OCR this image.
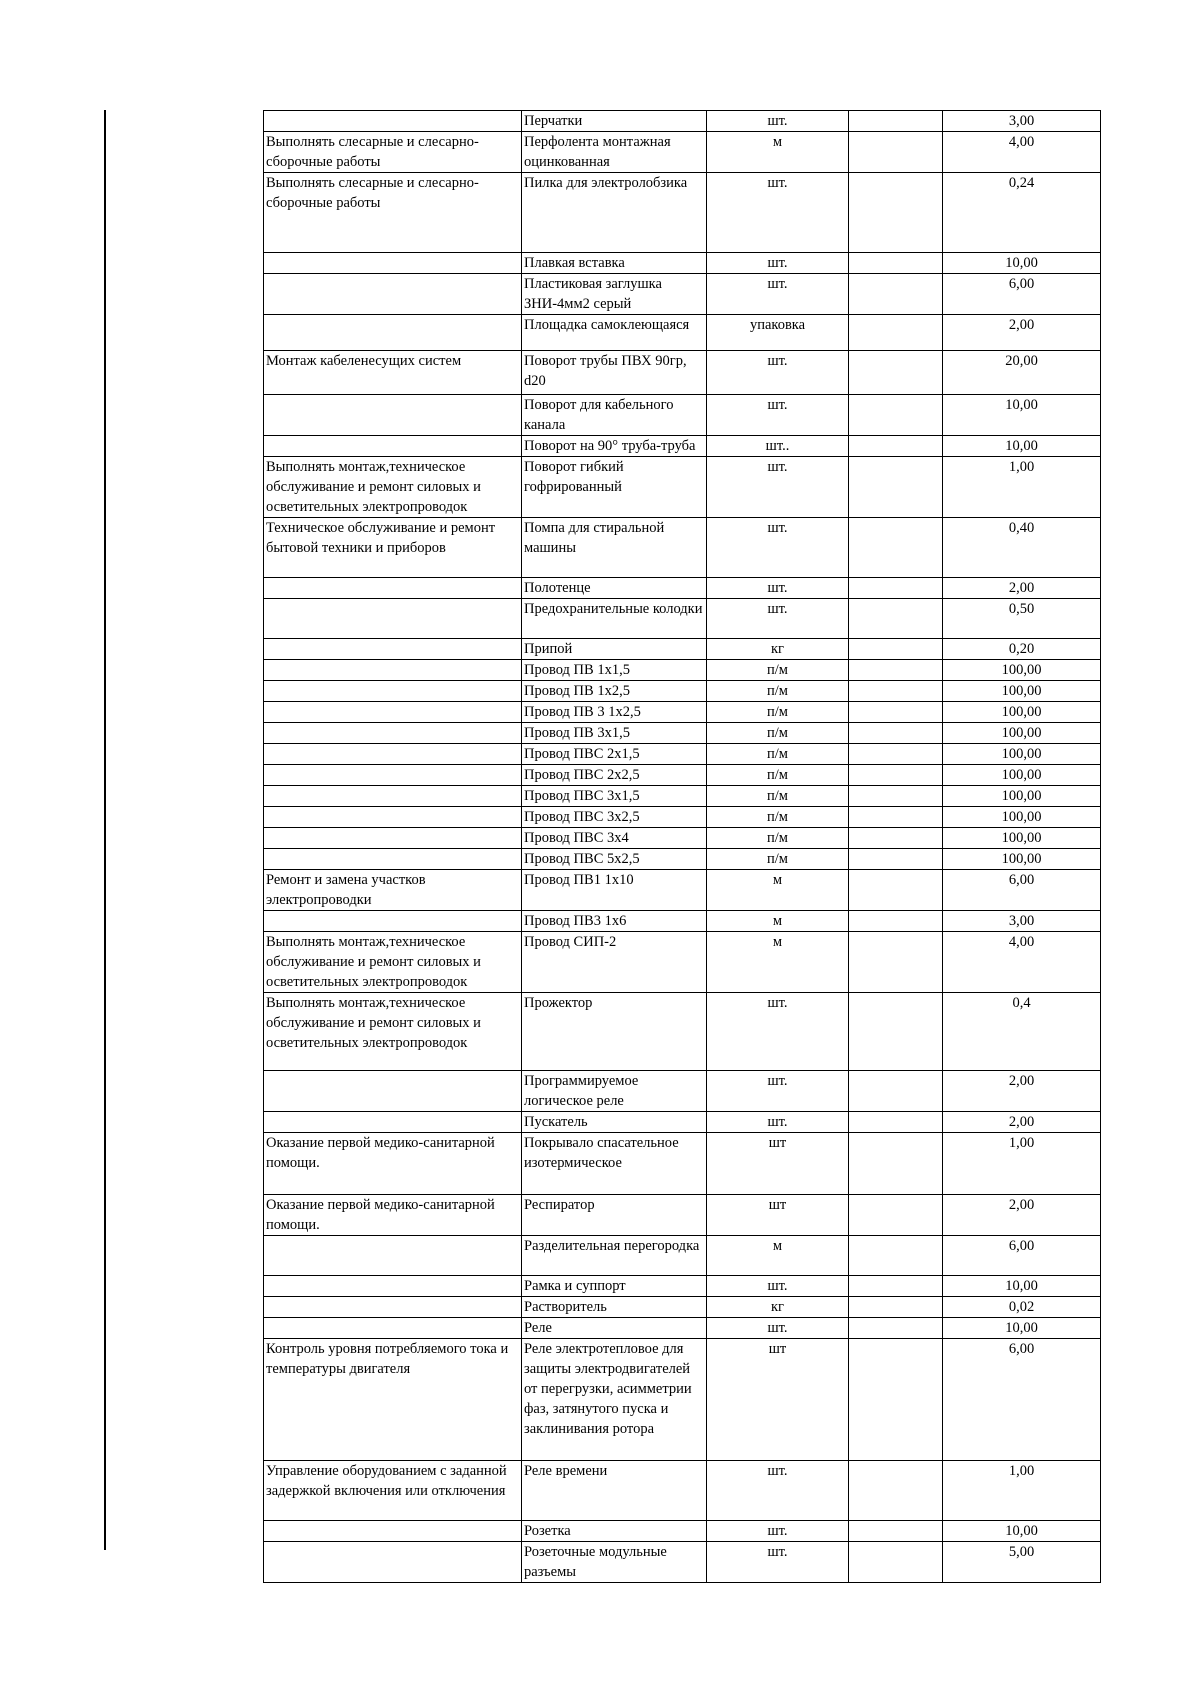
	Перчатки	шт.		3,00
Выполнять слесарные и слесарно-сборочные работы	Перфолента монтажная оцинкованная	м		4,00
Выполнять слесарные и слесарно-сборочные работы	Пилка для электролобзика	шт.		0,24
	Плавкая вставка	шт.		10,00
	Пластиковая заглушка ЗНИ-4мм2 серый	шт.		6,00
	Площадка самоклеющаяся	упаковка		2,00
Монтаж кабеленесущих систем	Поворот трубы ПВХ 90гр, d20	шт.		20,00
	Поворот для кабельного канала	шт.		10,00
	Поворот на 90° труба-труба	шт..		10,00
Выполнять монтаж,техническое обслуживание и ремонт силовых и осветительных электропроводок	Поворот гибкий гофрированный	шт.		1,00
Техническое обслуживание и ремонт бытовой техники и приборов	Помпа для стиральной машины	шт.		0,40
	Полотенце	шт.		2,00
	Предохранительные колодки	шт.		0,50
	Припой	кг		0,20
	Провод ПВ 1х1,5	п/м		100,00
	Провод ПВ 1х2,5	п/м		100,00
	Провод ПВ 3 1х2,5	п/м		100,00
	Провод ПВ 3х1,5	п/м		100,00
	Провод ПВС 2х1,5	п/м		100,00
	Провод ПВС 2х2,5	п/м		100,00
	Провод ПВС 3х1,5	п/м		100,00
	Провод ПВС 3х2,5	п/м		100,00
	Провод ПВС 3х4	п/м		100,00
	Провод ПВС 5х2,5	п/м		100,00
Ремонт и замена участков электропроводки	Провод ПВ1 1х10	м		6,00
	Провод ПВ3 1х6	м		3,00
Выполнять монтаж,техническое обслуживание и ремонт силовых и осветительных электропроводок	Провод СИП-2	м		4,00
Выполнять монтаж,техническое обслуживание и ремонт силовых и осветительных электропроводок	Прожектор	шт.		0,4
	Программируемое логическое реле	шт.		2,00
	Пускатель	шт.		2,00
Оказание первой медико-санитарной помощи.	Покрывало спасательное изотермическое	шт		1,00
Оказание первой медико-санитарной помощи.	Респиратор	шт		2,00
	Разделительная перегородка	м		6,00
	Рамка и суппорт	шт.		10,00
	Растворитель	кг		0,02
	Реле	шт.		10,00
Контроль уровня потребляемого тока и температуры двигателя	Реле электротепловое для защиты электродвигателей от перегрузки, асимметрии фаз, затянутого пуска и заклинивания ротора	шт		6,00
Управление оборудованием с заданной задержкой включения или отключения	Реле времени	шт.		1,00
	Розетка	шт.		10,00
	Розеточные модульные разъемы	шт.		5,00
